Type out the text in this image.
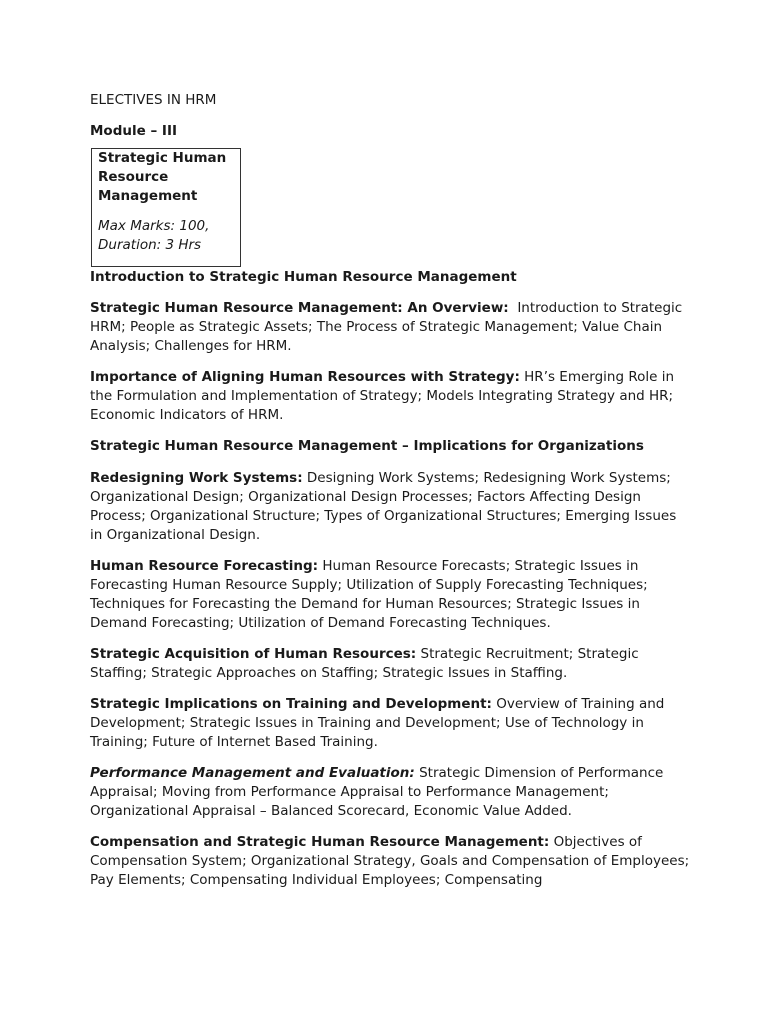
ELECTIVES IN HRM
Module – III
Strategic Human Resource Management
Max Marks: 100, Duration: 3 Hrs
Introduction to Strategic Human Resource Management
Strategic Human Resource Management: An Overview: Introduction to Strategic HRM; People as Strategic Assets; The Process of Strategic Management; Value Chain Analysis; Challenges for HRM.
Importance of Aligning Human Resources with Strategy: HR’s Emerging Role in the Formulation and Implementation of Strategy; Models Integrating Strategy and HR; Economic Indicators of HRM.
Strategic Human Resource Management – Implications for Organizations
Redesigning Work Systems: Designing Work Systems; Redesigning Work Systems; Organizational Design; Organizational Design Processes; Factors Affecting Design Process; Organizational Structure; Types of Organizational Structures; Emerging Issues in Organizational Design.
Human Resource Forecasting: Human Resource Forecasts; Strategic Issues in Forecasting Human Resource Supply; Utilization of Supply Forecasting Techniques; Techniques for Forecasting the Demand for Human Resources; Strategic Issues in Demand Forecasting; Utilization of Demand Forecasting Techniques.
Strategic Acquisition of Human Resources: Strategic Recruitment; Strategic Staffing; Strategic Approaches on Staffing; Strategic Issues in Staffing.
Strategic Implications on Training and Development: Overview of Training and Development; Strategic Issues in Training and Development; Use of Technology in Training; Future of Internet Based Training.
Performance Management and Evaluation: Strategic Dimension of Performance Appraisal; Moving from Performance Appraisal to Performance Management; Organizational Appraisal – Balanced Scorecard, Economic Value Added.
Compensation and Strategic Human Resource Management: Objectives of Compensation System; Organizational Strategy, Goals and Compensation of Employees; Pay Elements; Compensating Individual Employees; Compensating
